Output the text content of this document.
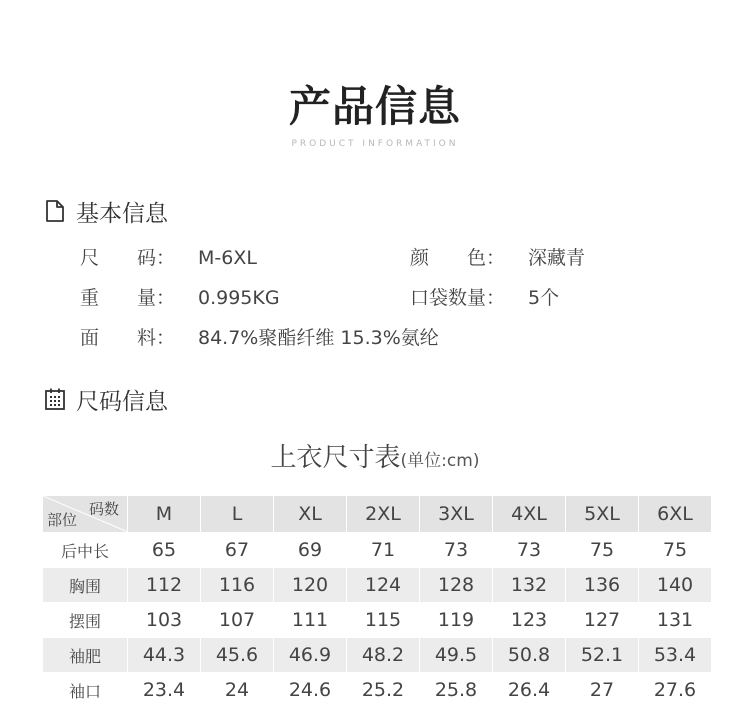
产品信息
PRODUCT INFORMATION
基本信息
尺　　码： M-6XL	颜　　色： 深藏青
重　　量： 0.995KG	口袋数量： 5个
面　　料： 84.7%聚酯纤维 15.3%氨纶
尺码信息
上衣尺寸表(单位:cm)
码数
部位	M	L	XL	2XL	3XL	4XL	5XL	6XL
后中长	65	67	69	71	73	73	75	75
胸围	112	116	120	124	128	132	136	140
摆围	103	107	111	115	119	123	127	131
袖肥	44.3	45.6	46.9	48.2	49.5	50.8	52.1	53.4
袖口	23.4	24	24.6	25.2	25.8	26.4	27	27.6
